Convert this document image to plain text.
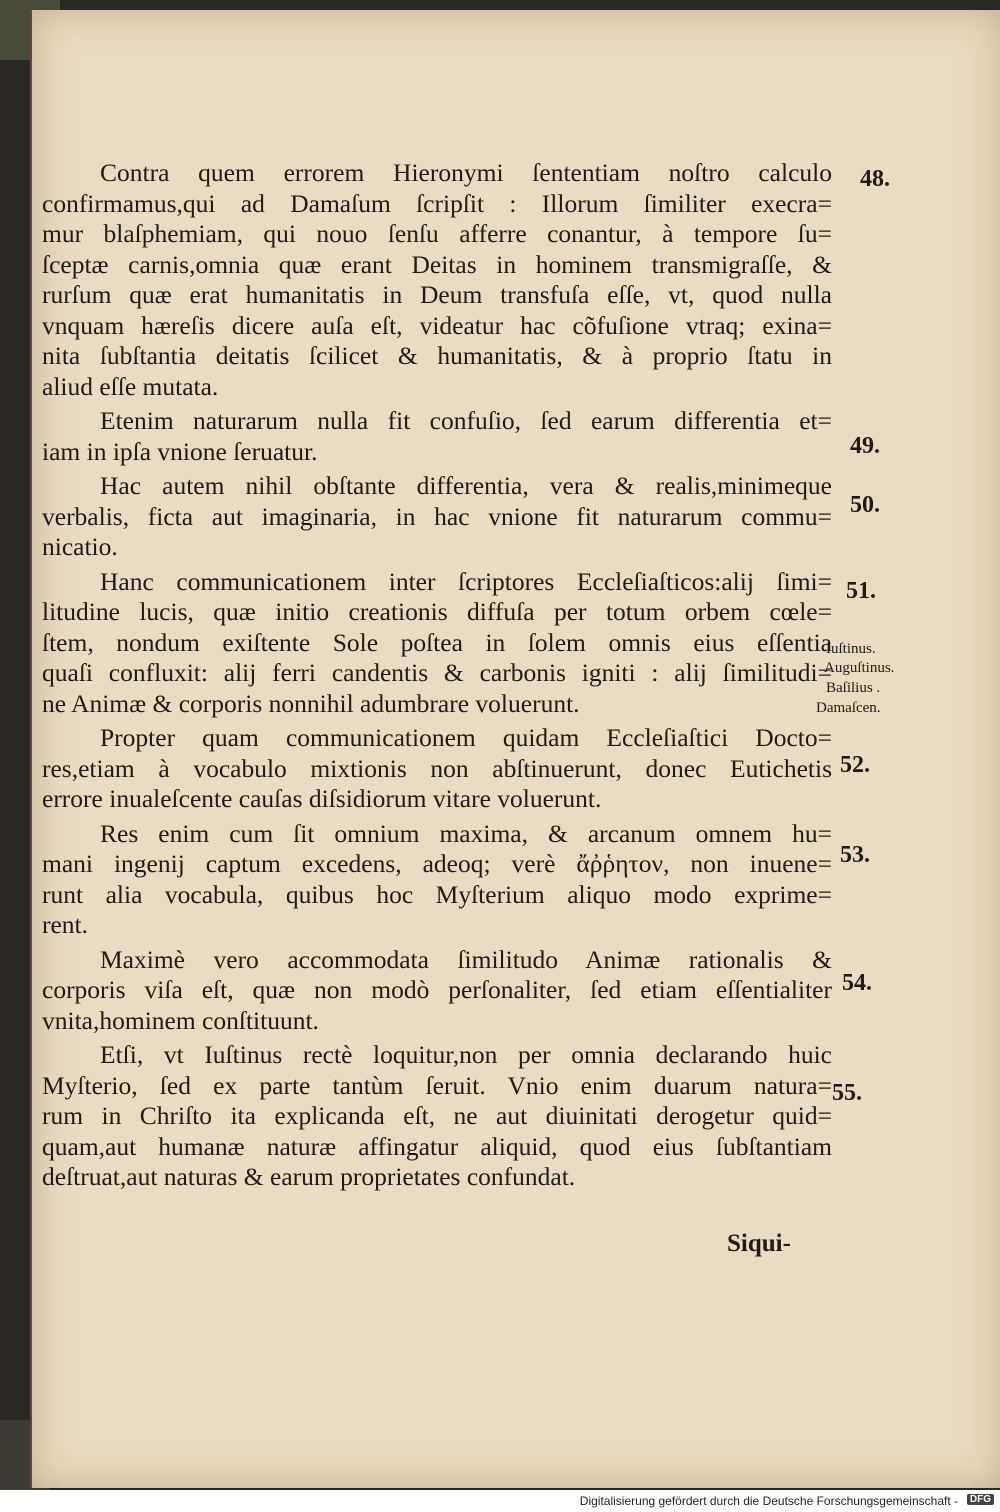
Contra quem errorem Hieronymi ſententiam noſtro calculo
confirmamus,qui ad Damaſum ſcripſit : Illorum ſimiliter execra=
mur blaſphemiam, qui nouo ſenſu afferre conantur, à tempore ſu=
ſceptæ carnis,omnia quæ erant Deitas in hominem transmigraſſe, &
rurſum quæ erat humanitatis in Deum transfuſa eſſe, vt, quod nulla
vnquam hæreſis dicere auſa eſt, videatur hac cõfuſione vtraq; exina=
nita ſubſtantia deitatis ſcilicet & humanitatis, & à proprio ſtatu in
aliud eſſe mutata.
Etenim naturarum nulla fit confuſio, ſed earum differentia et=
iam in ipſa vnione ſeruatur.
Hac autem nihil obſtante differentia, vera & realis,minimeque
verbalis, ficta aut imaginaria, in hac vnione fit naturarum commu=
nicatio.
Hanc communicationem inter ſcriptores Eccleſiaſticos:alij ſimi=
litudine lucis, quæ initio creationis diffuſa per totum orbem cœle=
ſtem, nondum exiſtente Sole poſtea in ſolem omnis eius eſſentia
quaſi confluxit: alij ferri candentis & carbonis igniti : alij ſimilitudi=
ne Animæ & corporis nonnihil adumbrare voluerunt.
Propter quam communicationem quidam Eccleſiaſtici Docto=
res,etiam à vocabulo mixtionis non abſtinuerunt, donec Eutichetis
errore inualeſcente cauſas diſsidiorum vitare voluerunt.
Res enim cum ſit omnium maxima, & arcanum omnem hu=
mani ingenij captum excedens, adeoq; verè ἄῤῥητον, non inuene=
runt alia vocabula, quibus hoc Myſterium aliquo modo exprime=
rent.
Maximè vero accommodata ſimilitudo Animæ rationalis &
corporis viſa eſt, quæ non modò perſonaliter, ſed etiam eſſentialiter
vnita,hominem conſtituunt.
Etſi, vt Iuſtinus rectè loquitur,non per omnia declarando huic
Myſterio, ſed ex parte tantùm ſeruit. Vnio enim duarum natura=
rum in Chriſto ita explicanda eſt, ne aut diuinitati derogetur quid=
quam,aut humanæ naturæ affingatur aliquid, quod eius ſubſtantiam
deſtruat,aut naturas & earum proprietates confundat.
48.
49.
50.
51.
52.
53.
54.
55.
Iuſtinus.
Auguſtinus.
Baſilius .
Damaſcen.
Siqui-
Digitalisierung gefördert durch die Deutsche Forschungsgemeinschaft -	DFG
